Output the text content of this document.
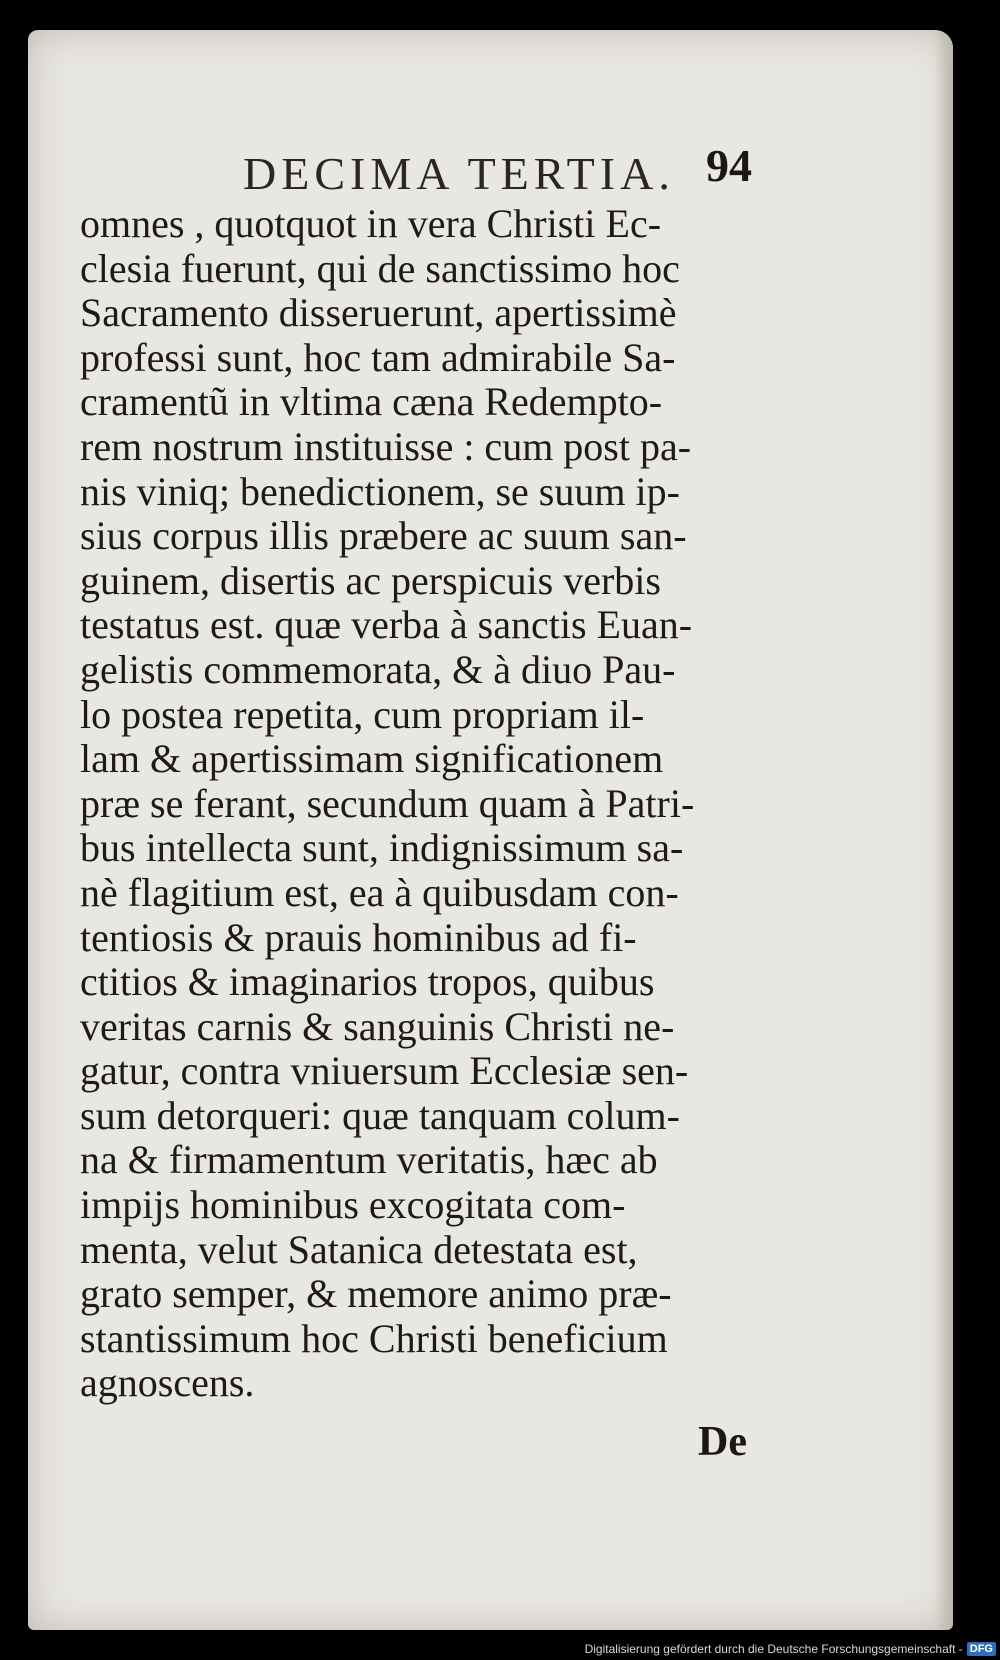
DECIMA TERTIA. 94
omnes , quotquot in vera Christi Ec-
clesia fuerunt, qui de sanctissimo hoc
Sacramento disseruerunt, apertissimè
professi sunt, hoc tam admirabile Sa-
cramentũ in vltima cæna Redempto-
rem nostrum instituisse : cum post pa-
nis viniq; benedictionem, se suum ip-
sius corpus illis præbere ac suum san-
guinem, disertis ac perspicuis verbis
testatus est. quæ verba à sanctis Euan-
gelistis commemorata, & à diuo Pau-
lo postea repetita, cum propriam il-
lam & apertissimam significationem
præ se ferant, secundum quam à Patri-
bus intellecta sunt, indignissimum sa-
nè flagitium est, ea à quibusdam con-
tentiosis & prauis hominibus ad fi-
ctitios & imaginarios tropos, quibus
veritas carnis & sanguinis Christi ne-
gatur, contra vniuersum Ecclesiæ sen-
sum detorqueri: quæ tanquam colum-
na & firmamentum veritatis, hæc ab
impijs hominibus excogitata com-
menta, velut Satanica detestata est,
grato semper, & memore animo præ-
stantissimum hoc Christi beneficium
agnoscens.
De
Digitalisierung gefördert durch die Deutsche Forschungsgemeinschaft - DFG
